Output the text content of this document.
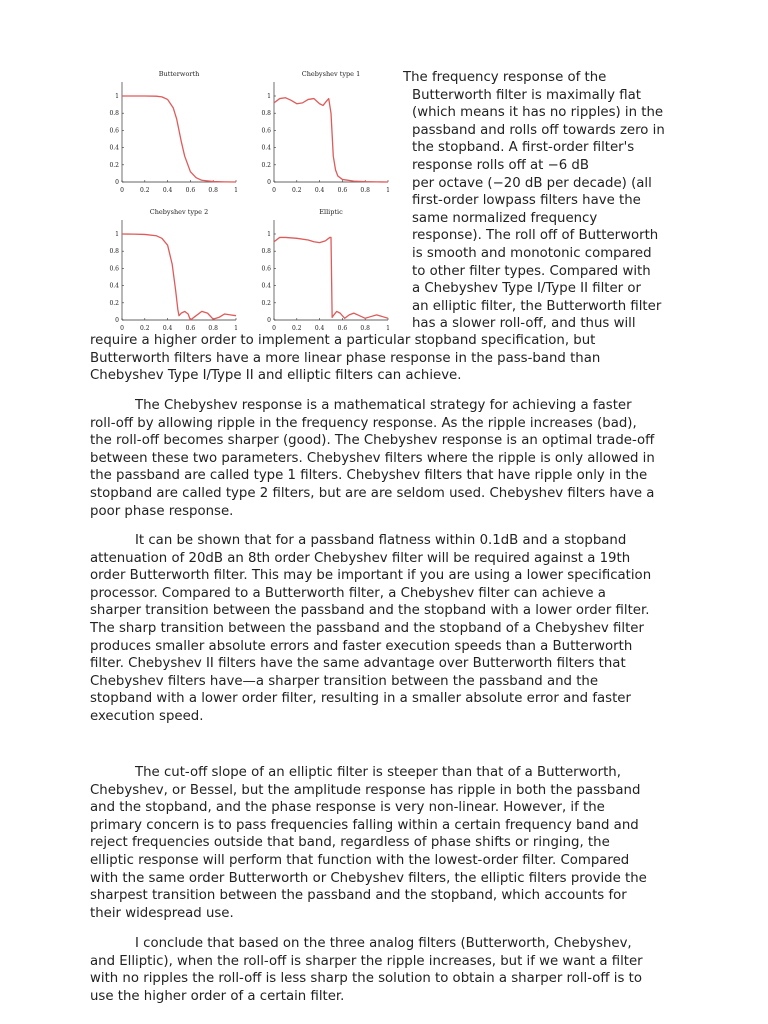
Butterworth
0
0.2
0.4
0.6
0.8
1
0	0.2 0.4 0.6 0.8	1
Chebyshev type 1
0
0.2
0.4
0.6
0.8
1
0	0.2 0.4 0.6 0.8	1
Chebyshev type 2
0
0.2
0.4
0.6
0.8
1
0	0.2 0.4 0.6 0.8	1
Elliptic
0
0.2
0.4
0.6
0.8
1
0	0.2 0.4 0.6 0.8	1
The frequency response of the
Butterworth filter is maximally flat
(which means it has no ripples) in the
passband and rolls off towards zero in
the stopband. A first-order filter's
response rolls off at −6 dB
per octave (−20 dB per decade) (all
first-order lowpass filters have the
same normalized frequency
response). The roll off of Butterworth
is smooth and monotonic compared
to other filter types. Compared with
a Chebyshev Type I/Type II filter or
an elliptic filter, the Butterworth filter
has a slower roll-off, and thus will
require a higher order to implement a particular stopband specification, but
Butterworth filters have a more linear phase response in the pass-band than
Chebyshev Type I/Type II and elliptic filters can achieve.
The Chebyshev response is a mathematical strategy for achieving a faster
roll-off by allowing ripple in the frequency response. As the ripple increases (bad),
the roll-off becomes sharper (good). The Chebyshev response is an optimal trade-off
between these two parameters. Chebyshev filters where the ripple is only allowed in
the passband are called type 1 filters. Chebyshev filters that have ripple only in the
stopband are called type 2 filters, but are are seldom used. Chebyshev filters have a
poor phase response.
It can be shown that for a passband flatness within 0.1dB and a stopband
attenuation of 20dB an 8th order Chebyshev filter will be required against a 19th
order Butterworth filter. This may be important if you are using a lower specification
processor. Compared to a Butterworth filter, a Chebyshev filter can achieve a
sharper transition between the passband and the stopband with a lower order filter.
The sharp transition between the passband and the stopband of a Chebyshev filter
produces smaller absolute errors and faster execution speeds than a Butterworth
filter. Chebyshev II filters have the same advantage over Butterworth filters that
Chebyshev filters have—a sharper transition between the passband and the
stopband with a lower order filter, resulting in a smaller absolute error and faster
execution speed.
The cut-off slope of an elliptic filter is steeper than that of a Butterworth,
Chebyshev, or Bessel, but the amplitude response has ripple in both the passband
and the stopband, and the phase response is very non-linear. However, if the
primary concern is to pass frequencies falling within a certain frequency band and
reject frequencies outside that band, regardless of phase shifts or ringing, the
elliptic response will perform that function with the lowest-order filter. Compared
with the same order Butterworth or Chebyshev filters, the elliptic filters provide the
sharpest transition between the passband and the stopband, which accounts for
their widespread use.
I conclude that based on the three analog filters (Butterworth, Chebyshev,
and Elliptic), when the roll-off is sharper the ripple increases, but if we want a filter
with no ripples the roll-off is less sharp the solution to obtain a sharper roll-off is to
use the higher order of a certain filter.
